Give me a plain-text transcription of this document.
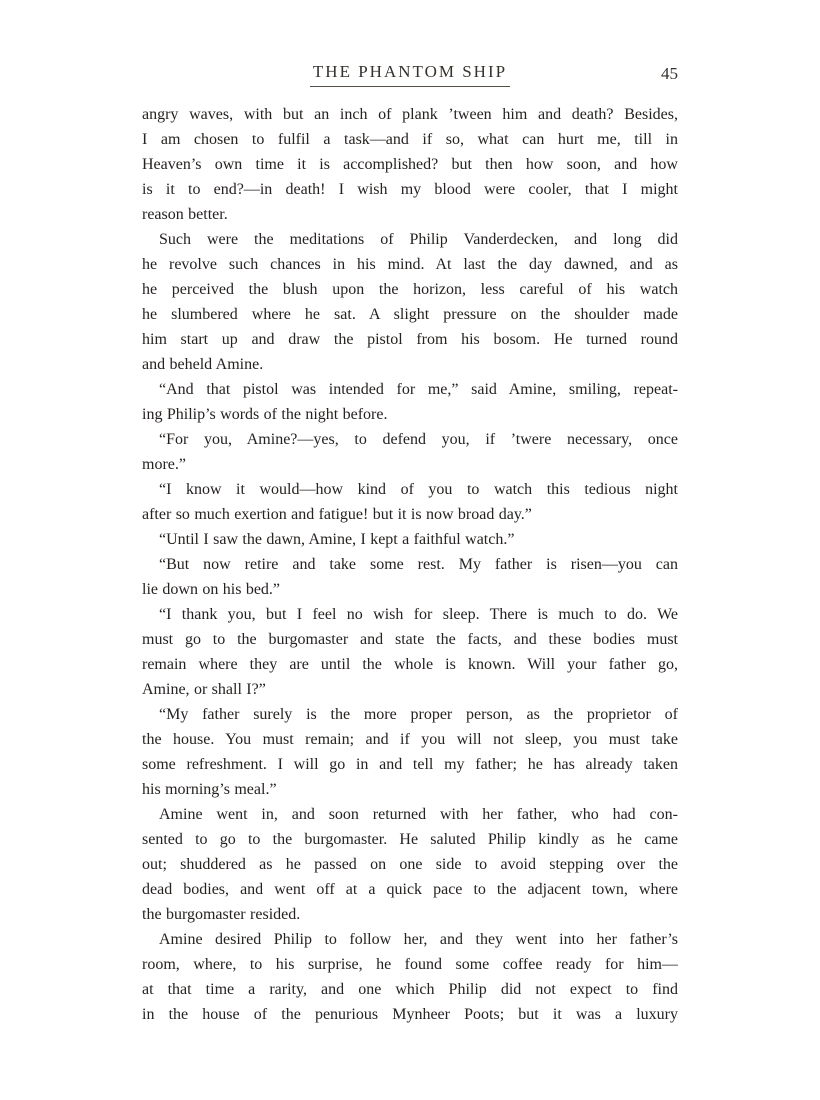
THE PHANTOM SHIP	45
angry waves, with but an inch of plank ’tween him and death? Besides,
I am chosen to fulfil a task—and if so, what can hurt me, till in
Heaven’s own time it is accomplished? but then how soon, and how
is it to end?—in death! I wish my blood were cooler, that I might
reason better.
Such were the meditations of Philip Vanderdecken, and long did
he revolve such chances in his mind. At last the day dawned, and as
he perceived the blush upon the horizon, less careful of his watch
he slumbered where he sat. A slight pressure on the shoulder made
him start up and draw the pistol from his bosom. He turned round
and beheld Amine.
“And that pistol was intended for me,” said Amine, smiling, repeat-
ing Philip’s words of the night before.
“For you, Amine?—yes, to defend you, if ’twere necessary, once
more.”
“I know it would—how kind of you to watch this tedious night
after so much exertion and fatigue! but it is now broad day.”
“Until I saw the dawn, Amine, I kept a faithful watch.”
“But now retire and take some rest. My father is risen—you can
lie down on his bed.”
“I thank you, but I feel no wish for sleep. There is much to do. We
must go to the burgomaster and state the facts, and these bodies must
remain where they are until the whole is known. Will your father go,
Amine, or shall I?”
“My father surely is the more proper person, as the proprietor of
the house. You must remain; and if you will not sleep, you must take
some refreshment. I will go in and tell my father; he has already taken
his morning’s meal.”
Amine went in, and soon returned with her father, who had con-
sented to go to the burgomaster. He saluted Philip kindly as he came
out; shuddered as he passed on one side to avoid stepping over the
dead bodies, and went off at a quick pace to the adjacent town, where
the burgomaster resided.
Amine desired Philip to follow her, and they went into her father’s
room, where, to his surprise, he found some coffee ready for him—
at that time a rarity, and one which Philip did not expect to find
in the house of the penurious Mynheer Poots; but it was a luxury
